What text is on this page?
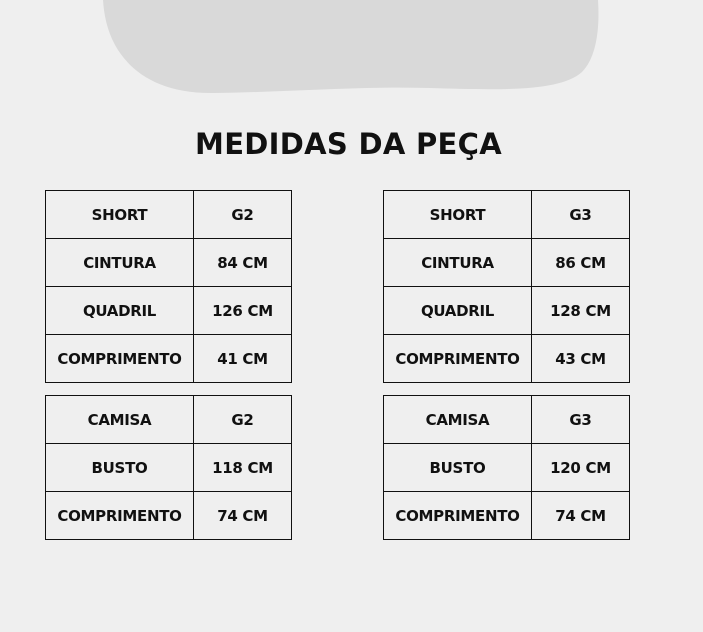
MEDIDAS DA PEÇA
SHORT	G2
CINTURA	84 CM
QUADRIL	126 CM
COMPRIMENTO	41 CM
CAMISA	G2
BUSTO	118 CM
COMPRIMENTO	74 CM
SHORT	G3
CINTURA	86 CM
QUADRIL	128 CM
COMPRIMENTO	43 CM
CAMISA	G3
BUSTO	120 CM
COMPRIMENTO	74 CM
